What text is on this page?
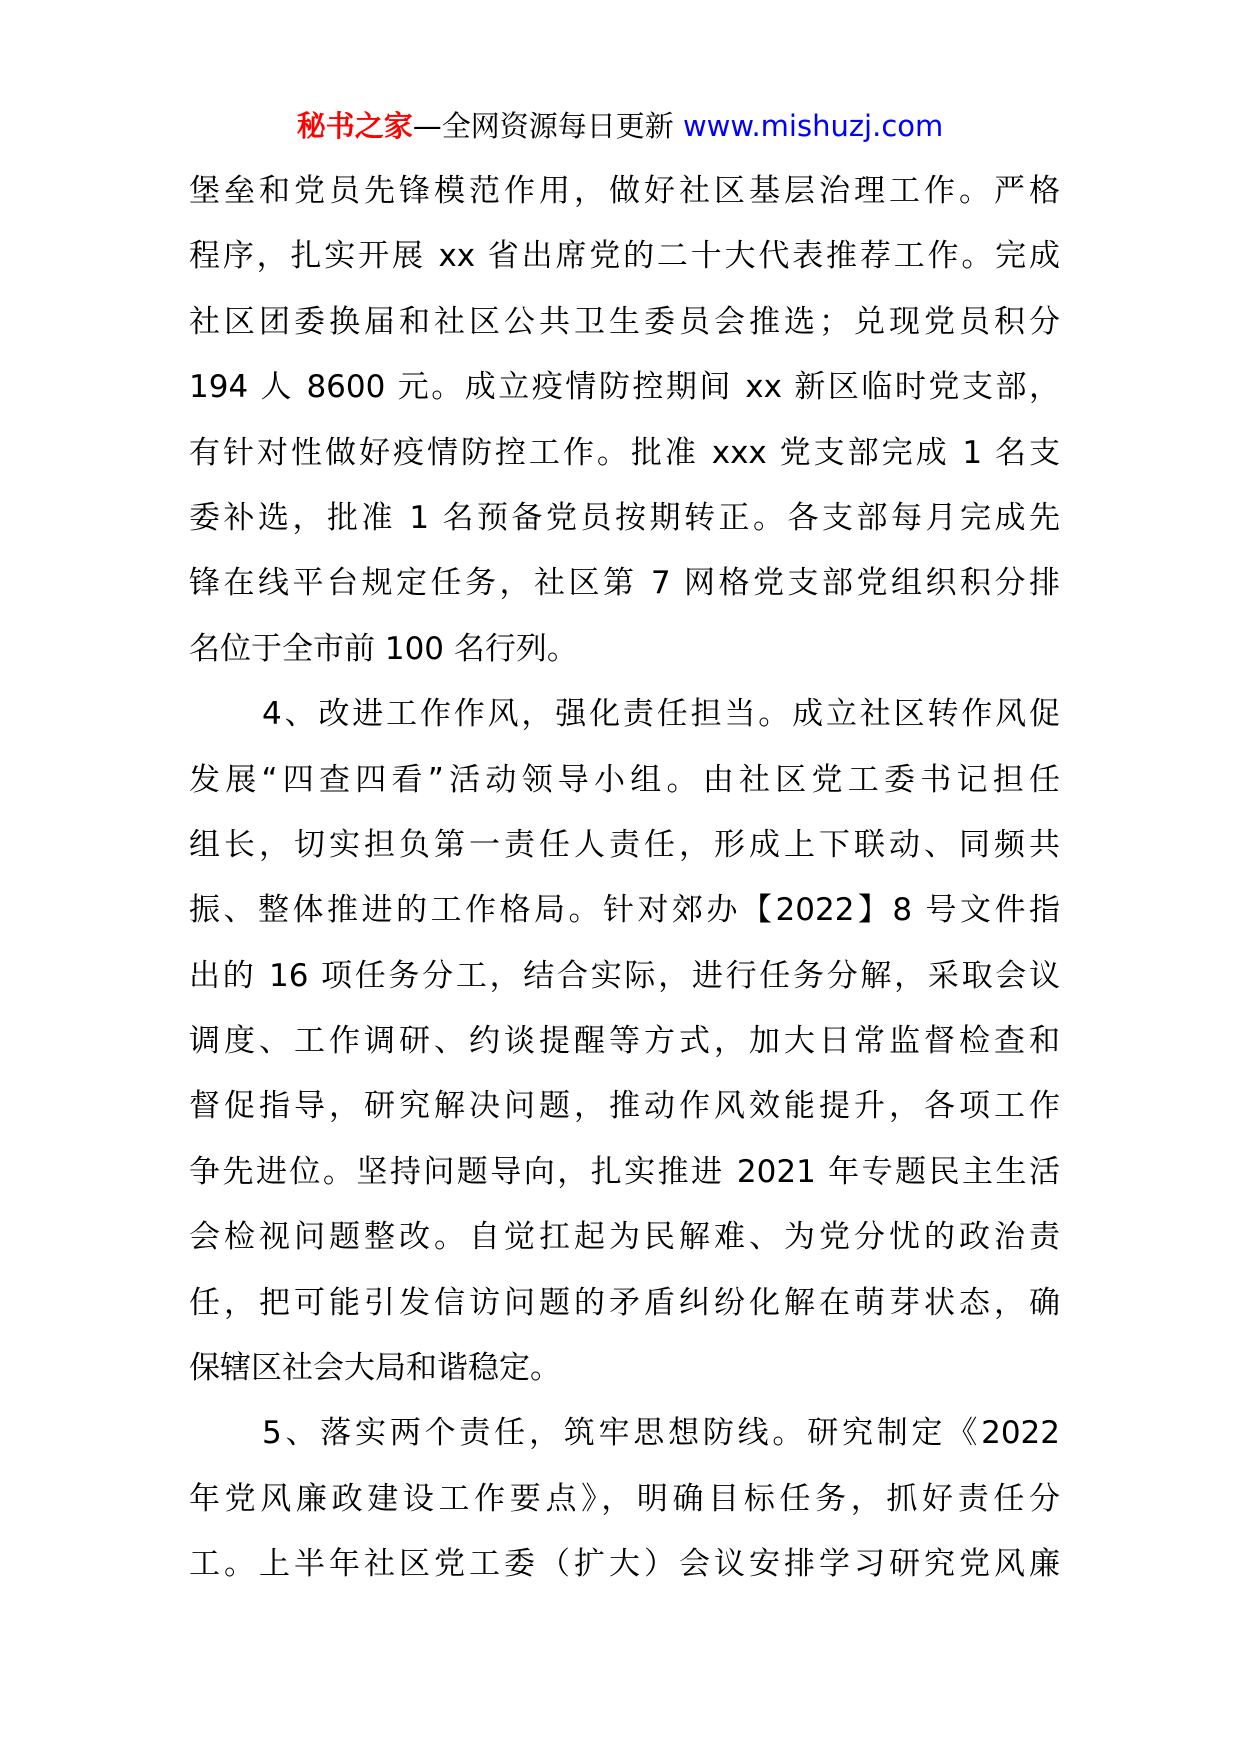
秘书之家—全网资源每日更新 www.mishuzj.com
堡垒和党员先锋模范作用，做好社区基层治理工作。严格
程序，扎实开展 xx 省出席党的二十大代表推荐工作。完成
社区团委换届和社区公共卫生委员会推选；兑现党员积分
194 人 8600 元。成立疫情防控期间 xx 新区临时党支部，
有针对性做好疫情防控工作。批准 xxx 党支部完成 1 名支
委补选，批准 1 名预备党员按期转正。各支部每月完成先
锋在线平台规定任务，社区第 7 网格党支部党组织积分排
名位于全市前 100 名行列。
4、改进工作作风，强化责任担当。成立社区转作风促
发展“四查四看”活动领导小组。由社区党工委书记担任
组长，切实担负第一责任人责任，形成上下联动、同频共
振、整体推进的工作格局。针对郊办【2022】8 号文件指
出的 16 项任务分工，结合实际，进行任务分解，采取会议
调度、工作调研、约谈提醒等方式，加大日常监督检查和
督促指导，研究解决问题，推动作风效能提升，各项工作
争先进位。坚持问题导向，扎实推进 2021 年专题民主生活
会检视问题整改。自觉扛起为民解难、为党分忧的政治责
任，把可能引发信访问题的矛盾纠纷化解在萌芽状态，确
保辖区社会大局和谐稳定。
5、落实两个责任，筑牢思想防线。研究制定《2022
年党风廉政建设工作要点》，明确目标任务，抓好责任分
工。上半年社区党工委（扩大）会议安排学习研究党风廉
